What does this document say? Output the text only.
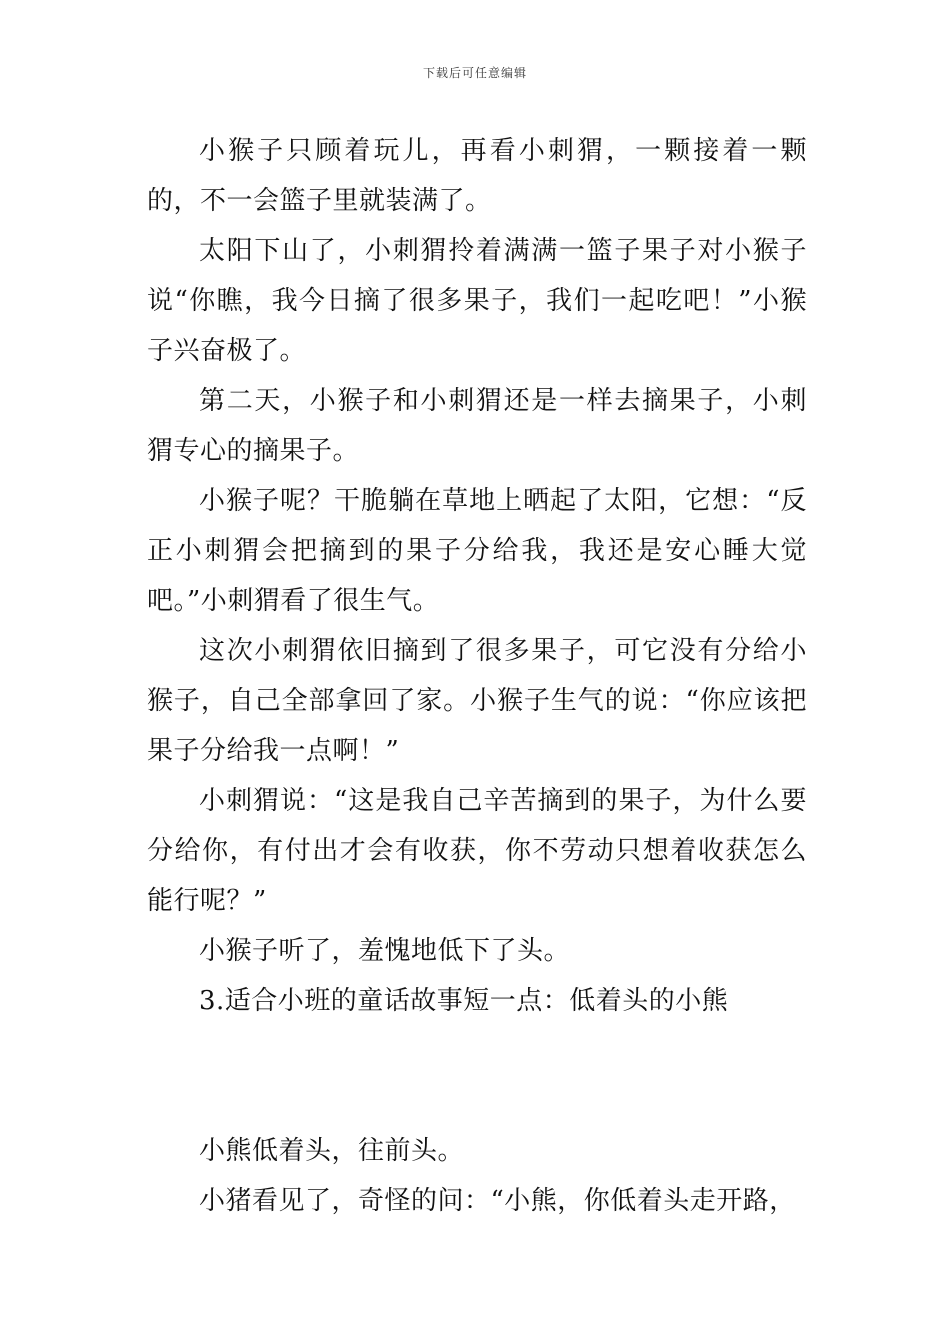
下载后可任意编辑

小猴子只顾着玩儿，再看小刺猬，一颗接着一颗的，不一会篮子里就装满了。

太阳下山了，小刺猬拎着满满一篮子果子对小猴子说“你瞧，我今日摘了很多果子，我们一起吃吧！”小猴子兴奋极了。

第二天，小猴子和小刺猬还是一样去摘果子，小刺猬专心的摘果子。

小猴子呢？干脆躺在草地上晒起了太阳，它想：“反正小刺猬会把摘到的果子分给我，我还是安心睡大觉吧。”小刺猬看了很生气。

这次小刺猬依旧摘到了很多果子，可它没有分给小猴子，自己全部拿回了家。小猴子生气的说：“你应该把果子分给我一点啊！”

小刺猬说：“这是我自己辛苦摘到的果子，为什么要分给你，有付出才会有收获，你不劳动只想着收获怎么能行呢？”

小猴子听了，羞愧地低下了头。

3.适合小班的童话故事短一点：低着头的小熊

小熊低着头，往前头。

小猪看见了，奇怪的问：“小熊，你低着头走开路，
